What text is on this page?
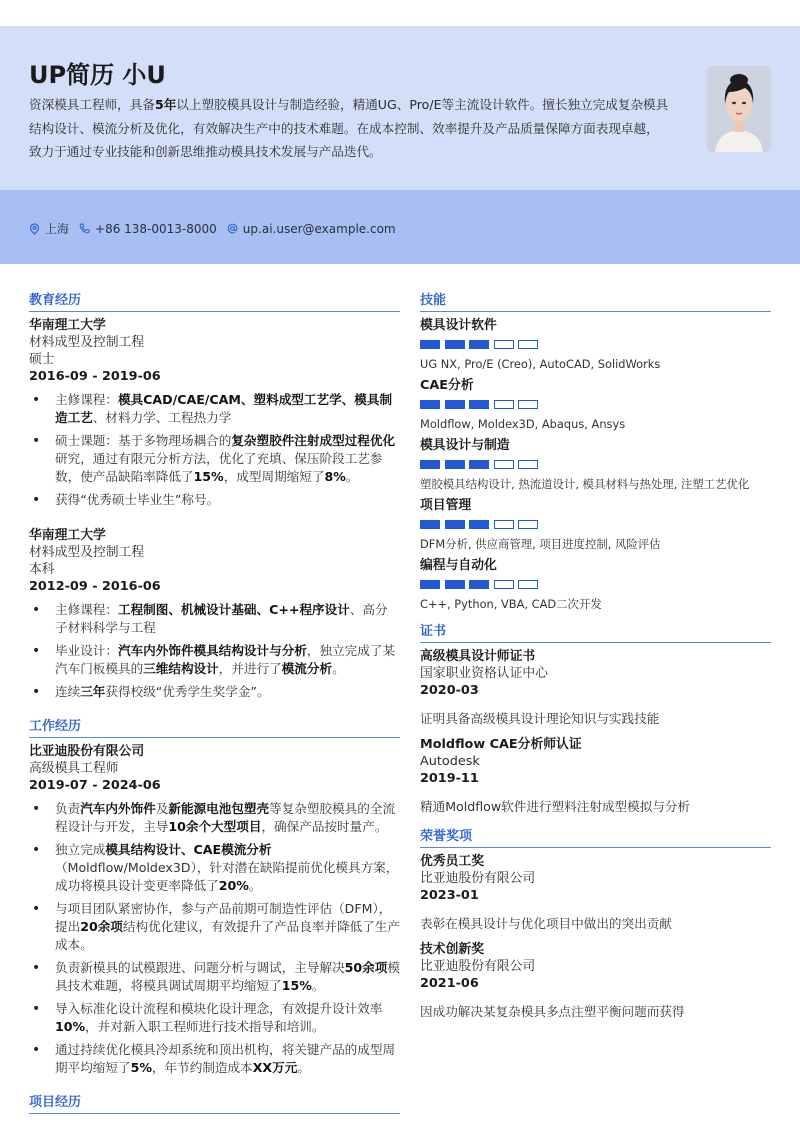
UP简历 小U
资深模具工程师，具备5年以上塑胶模具设计与制造经验，精通UG、Pro/E等主流设计软件。擅长独立完成复杂模具结构设计、模流分析及优化，有效解决生产中的技术难题。在成本控制、效率提升及产品质量保障方面表现卓越，致力于通过专业技能和创新思维推动模具技术发展与产品迭代。
上海 +86 138-0013-8000 up.ai.user@example.com
教育经历
华南理工大学
材料成型及控制工程
硕士
2016-09 - 2019-06
• 主修课程：模具CAD/CAE/CAM、塑料成型工艺学、模具制造工艺、材料力学、工程热力学
• 硕士课题：基于多物理场耦合的复杂塑胶件注射成型过程优化研究，通过有限元分析方法，优化了充填、保压阶段工艺参数，使产品缺陷率降低了15%，成型周期缩短了8%。
• 获得“优秀硕士毕业生”称号。
华南理工大学
材料成型及控制工程
本科
2012-09 - 2016-06
• 主修课程：工程制图、机械设计基础、C++程序设计、高分子材料科学与工程
• 毕业设计：汽车内外饰件模具结构设计与分析，独立完成了某汽车门板模具的三维结构设计，并进行了模流分析。
• 连续三年获得校级“优秀学生奖学金”。
工作经历
比亚迪股份有限公司
高级模具工程师
2019-07 - 2024-06
• 负责汽车内外饰件及新能源电池包塑壳等复杂塑胶模具的全流程设计与开发，主导10余个大型项目，确保产品按时量产。
• 独立完成模具结构设计、CAE模流分析（Moldflow/Moldex3D），针对潜在缺陷提前优化模具方案，成功将模具设计变更率降低了20%。
• 与项目团队紧密协作，参与产品前期可制造性评估（DFM），提出20余项结构优化建议，有效提升了产品良率并降低了生产成本。
• 负责新模具的试模跟进、问题分析与调试，主导解决50余项模具技术难题，将模具调试周期平均缩短了15%。
• 导入标准化设计流程和模块化设计理念，有效提升设计效率10%，并对新入职工程师进行技术指导和培训。
• 通过持续优化模具冷却系统和顶出机构，将关键产品的成型周期平均缩短了5%，年节约制造成本XX万元。
项目经历
技能
模具设计软件
UG NX, Pro/E (Creo), AutoCAD, SolidWorks
CAE分析
Moldflow, Moldex3D, Abaqus, Ansys
模具设计与制造
塑胶模具结构设计, 热流道设计, 模具材料与热处理, 注塑工艺优化
项目管理
DFM分析, 供应商管理, 项目进度控制, 风险评估
编程与自动化
C++, Python, VBA, CAD二次开发
证书
高级模具设计师证书
国家职业资格认证中心
2020-03
证明具备高级模具设计理论知识与实践技能
Moldflow CAE分析师认证
Autodesk
2019-11
精通Moldflow软件进行塑料注射成型模拟与分析
荣誉奖项
优秀员工奖
比亚迪股份有限公司
2023-01
表彰在模具设计与优化项目中做出的突出贡献
技术创新奖
比亚迪股份有限公司
2021-06
因成功解决某复杂模具多点注塑平衡问题而获得
